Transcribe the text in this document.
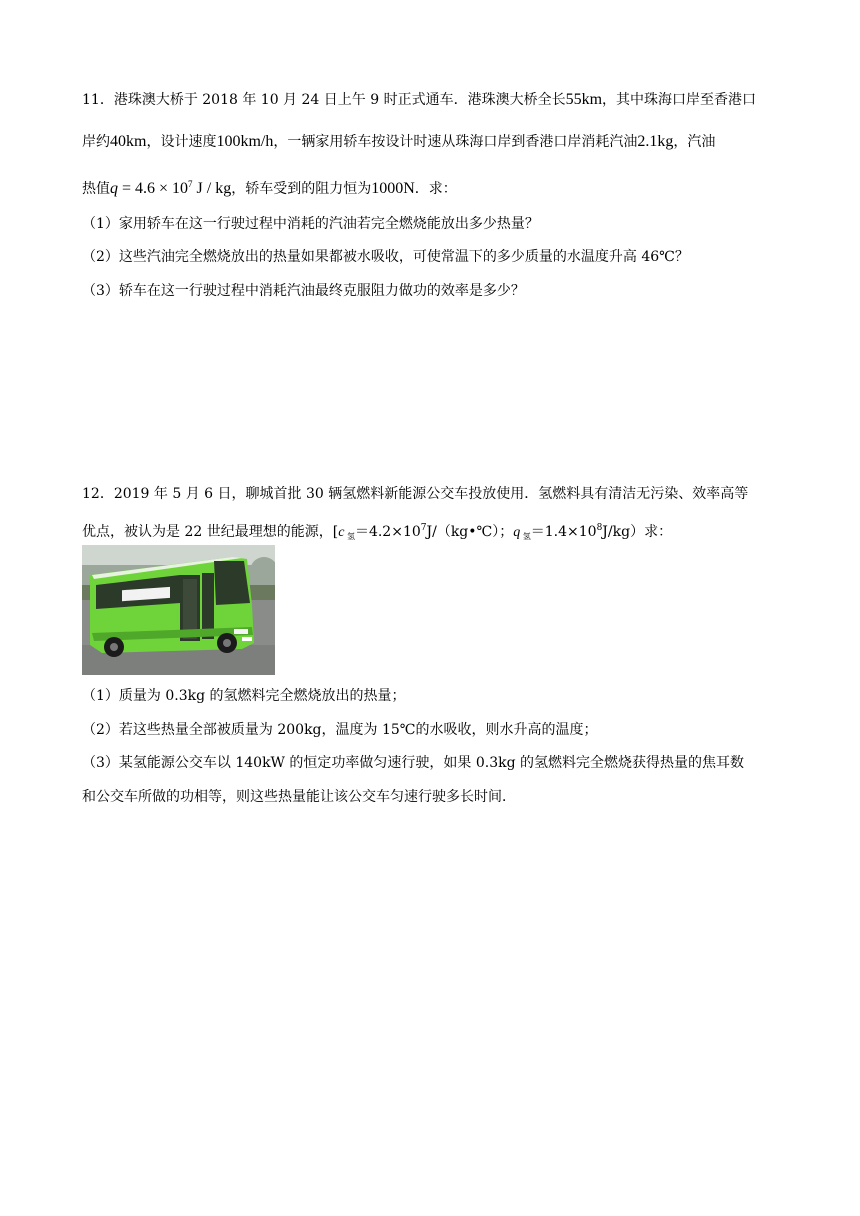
11．港珠澳大桥于 2018 年 10 月 24 日上午 9 时正式通车．港珠澳大桥全长55km，其中珠海口岸至香港口
岸约40km，设计速度100km/h，一辆家用轿车按设计时速从珠海口岸到香港口岸消耗汽油2.1kg，汽油
热值$q = 4.6 \times 10^7$ J / kg，轿车受到的阻力恒为1000N．求：
（1）家用轿车在这一行驶过程中消耗的汽油若完全燃烧能放出多少热量？
（2）这些汽油完全燃烧放出的热量如果都被水吸收，可使常温下的多少质量的水温度升高 46℃？
（3）轿车在这一行驶过程中消耗汽油最终克服阻力做功的效率是多少？
12．2019 年 5 月 6 日，聊城首批 30 辆氢燃料新能源公交车投放使用．氢燃料具有清洁无污染、效率高等
优点，被认为是 22 世纪最理想的能源，[c $_氢=4.2\times 10^7J/(kg•℃)$；q $_氢=1.4\times 10^8J/kg$）求：
（1）质量为 0.3kg 的氢燃料完全燃烧放出的热量；
（2）若这些热量全部被质量为 200kg，温度为 15℃的水吸收，则水升高的温度；
（3）某氢能源公交车以 140kW 的恒定功率做匀速行驶，如果 0.3kg 的氢燃料完全燃烧获得热量的焦耳数
和公交车所做的功相等，则这些热量能让该公交车匀速行驶多长时间．
